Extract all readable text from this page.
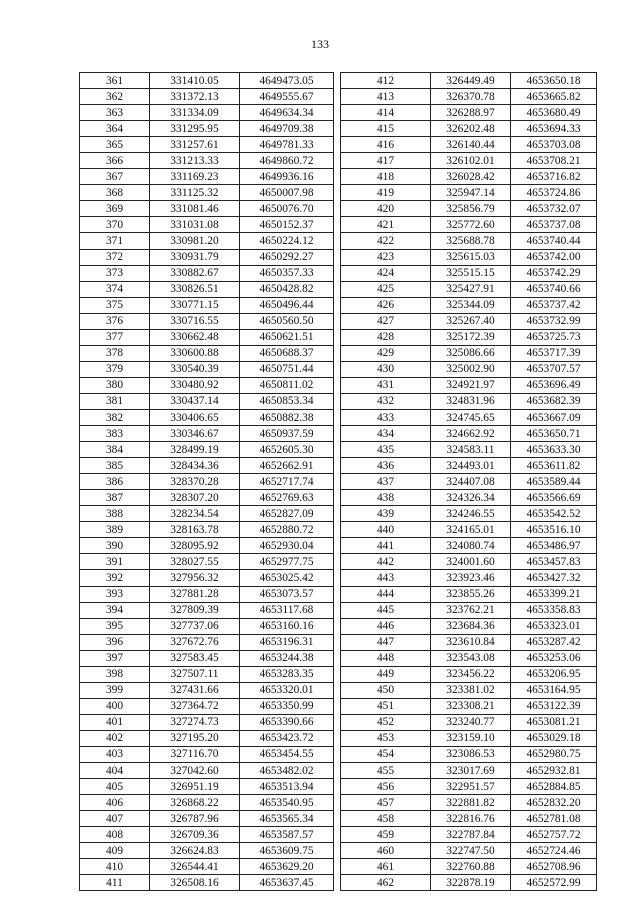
133
361	331410.05	4649473.05
362	331372.13	4649555.67
363	331334.09	4649634.34
364	331295.95	4649709.38
365	331257.61	4649781.33
366	331213.33	4649860.72
367	331169.23	4649936.16
368	331125.32	4650007.98
369	331081.46	4650076.70
370	331031.08	4650152.37
371	330981.20	4650224.12
372	330931.79	4650292.27
373	330882.67	4650357.33
374	330826.51	4650428.82
375	330771.15	4650496.44
376	330716.55	4650560.50
377	330662.48	4650621.51
378	330600.88	4650688.37
379	330540.39	4650751.44
380	330480.92	4650811.02
381	330437.14	4650853.34
382	330406.65	4650882.38
383	330346.67	4650937.59
384	328499.19	4652605.30
385	328434.36	4652662.91
386	328370.28	4652717.74
387	328307.20	4652769.63
388	328234.54	4652827.09
389	328163.78	4652880.72
390	328095.92	4652930.04
391	328027.55	4652977.75
392	327956.32	4653025.42
393	327881.28	4653073.57
394	327809.39	4653117.68
395	327737.06	4653160.16
396	327672.76	4653196.31
397	327583.45	4653244.38
398	327507.11	4653283.35
399	327431.66	4653320.01
400	327364.72	4653350.99
401	327274.73	4653390.66
402	327195.20	4653423.72
403	327116.70	4653454.55
404	327042.60	4653482.02
405	326951.19	4653513.94
406	326868.22	4653540.95
407	326787.96	4653565.34
408	326709.36	4653587.57
409	326624.83	4653609.75
410	326544.41	4653629.20
411	326508.16	4653637.45
412	326449.49	4653650.18
413	326370.78	4653665.82
414	326288.97	4653680.49
415	326202.48	4653694.33
416	326140.44	4653703.08
417	326102.01	4653708.21
418	326028.42	4653716.82
419	325947.14	4653724.86
420	325856.79	4653732.07
421	325772.60	4653737.08
422	325688.78	4653740.44
423	325615.03	4653742.00
424	325515.15	4653742.29
425	325427.91	4653740.66
426	325344.09	4653737.42
427	325267.40	4653732.99
428	325172.39	4653725.73
429	325086.66	4653717.39
430	325002.90	4653707.57
431	324921.97	4653696.49
432	324831.96	4653682.39
433	324745.65	4653667.09
434	324662.92	4653650.71
435	324583.11	4653633.30
436	324493.01	4653611.82
437	324407.08	4653589.44
438	324326.34	4653566.69
439	324246.55	4653542.52
440	324165.01	4653516.10
441	324080.74	4653486.97
442	324001.60	4653457.83
443	323923.46	4653427.32
444	323855.26	4653399.21
445	323762.21	4653358.83
446	323684.36	4653323.01
447	323610.84	4653287.42
448	323543.08	4653253.06
449	323456.22	4653206.95
450	323381.02	4653164.95
451	323308.21	4653122.39
452	323240.77	4653081.21
453	323159.10	4653029.18
454	323086.53	4652980.75
455	323017.69	4652932.81
456	322951.57	4652884.85
457	322881.82	4652832.20
458	322816.76	4652781.08
459	322787.84	4652757.72
460	322747.50	4652724.46
461	322760.88	4652708.96
462	322878.19	4652572.99
